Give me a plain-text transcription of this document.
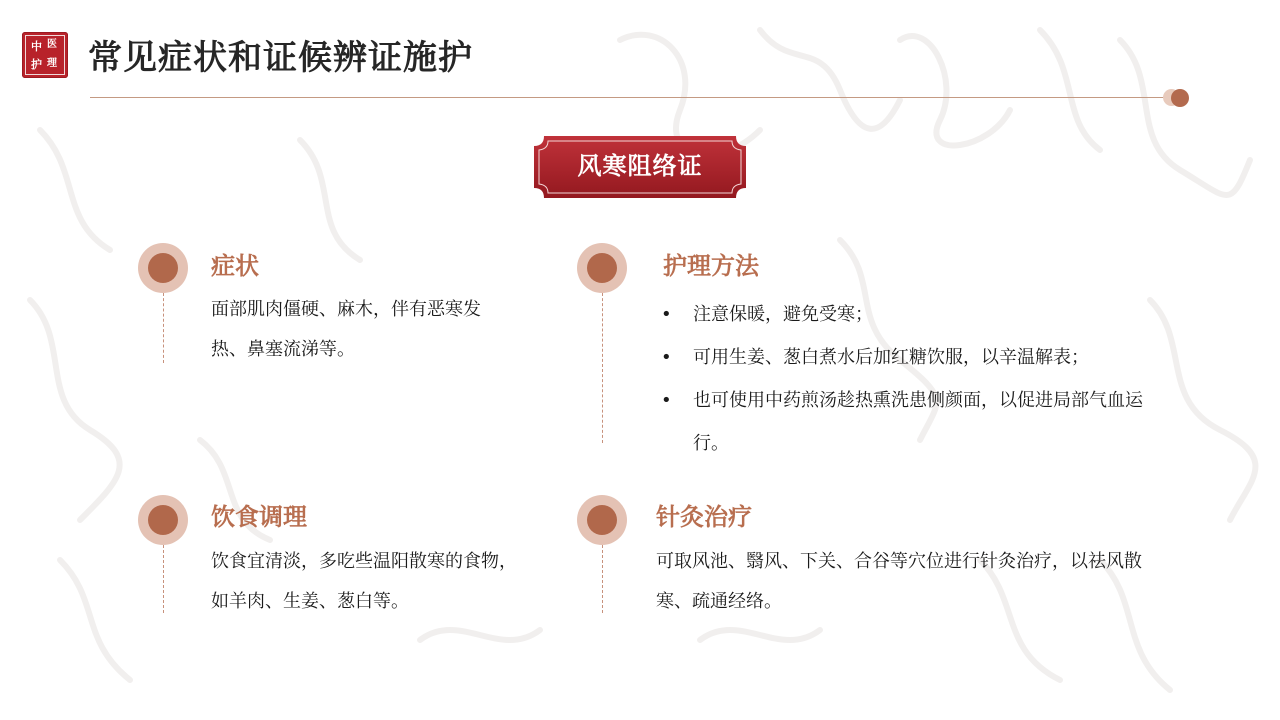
中 医
护 理 常见症状和证候辨证施护
风寒阻络证
症状
面部肌肉僵硬、麻木，伴有恶寒发热、鼻塞流涕等。
护理方法
• 注意保暖，避免受寒；
• 可用生姜、葱白煮水后加红糖饮服，以辛温解表；
• 也可使用中药煎汤趁热熏洗患侧颜面，以促进局部气血运行。
饮食调理
饮食宜清淡，多吃些温阳散寒的食物，如羊肉、生姜、葱白等。
针灸治疗
可取风池、翳风、下关、合谷等穴位进行针灸治疗，以祛风散寒、疏通经络。
